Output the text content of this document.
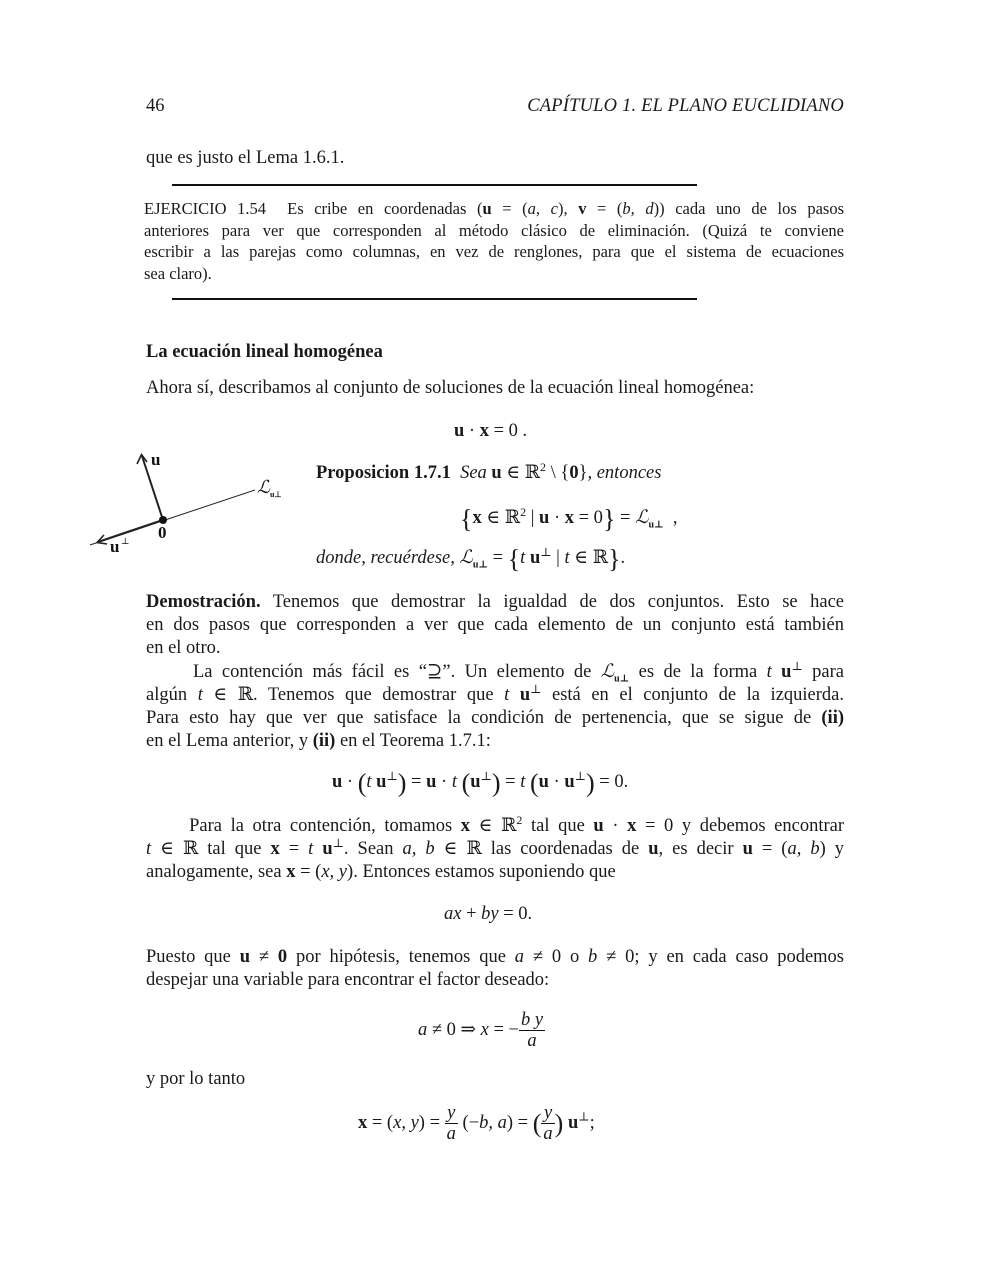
46	CAPÍTULO 1. EL PLANO EUCLIDIANO
que es justo el Lema 1.6.1.
EJERCICIO 1.54  Es cribe en coordenadas (u = (a, c), v = (b, d)) cada uno de los pasos
anteriores para ver que corresponden al método clásico de eliminación. (Quizá te conviene
escribir a las parejas como columnas, en vez de renglones, para que el sistema de ecuaciones
sea claro).
La ecuación lineal homogénea
Ahora sí, describamos al conjunto de soluciones de la ecuación lineal homogénea:
u · x = 0 .
u
0
u ⊥
ℒ u⊥
Proposicion 1.7.1 Sea u ∈ ℝ$^2$ \ {0}, entonces
{x ∈ ℝ$^2$ | u · x = 0} = ℒ$_{u\perp}$  ,
donde, recuérdese, ℒ$_{u\perp}$ = {t u⊥ | t ∈ ℝ}.
Demostración. Tenemos que demostrar la igualdad de dos conjuntos. Esto se hace
en dos pasos que corresponden a ver que cada elemento de un conjunto está también
en el otro.
La contención más fácil es “⊇”. Un elemento de ℒ$_{u\perp}$ es de la forma t u⊥ para
algún t ∈ ℝ. Tenemos que demostrar que t u⊥ está en el conjunto de la izquierda.
Para esto hay que ver que satisface la condición de pertenencia, que se sigue de (ii)
en el Lema anterior, y (ii) en el Teorema 1.7.1:
u · (t u⊥) = u · t (u⊥) = t (u · u⊥) = 0.
Para la otra contención, tomamos x ∈ ℝ$^2$ tal que u · x = 0 y debemos encontrar
t ∈ ℝ tal que x = t u⊥. Sean a, b ∈ ℝ las coordenadas de u, es decir u = (a, b) y
analogamente, sea x = (x, y). Entonces estamos suponiendo que
ax + by = 0.
Puesto que u ≠ 0 por hipótesis, tenemos que a ≠ 0 o b ≠ 0; y en cada caso podemos
despejar una variable para encontrar el factor deseado:
a ≠ 0 ⇒ x = − $\frac{\text{b y}}{a}$
y por lo tanto
x = (x, $y) = \frac{y}{a} (-b$, a) = ( $\frac{y}{a}$ ) u⊥;
